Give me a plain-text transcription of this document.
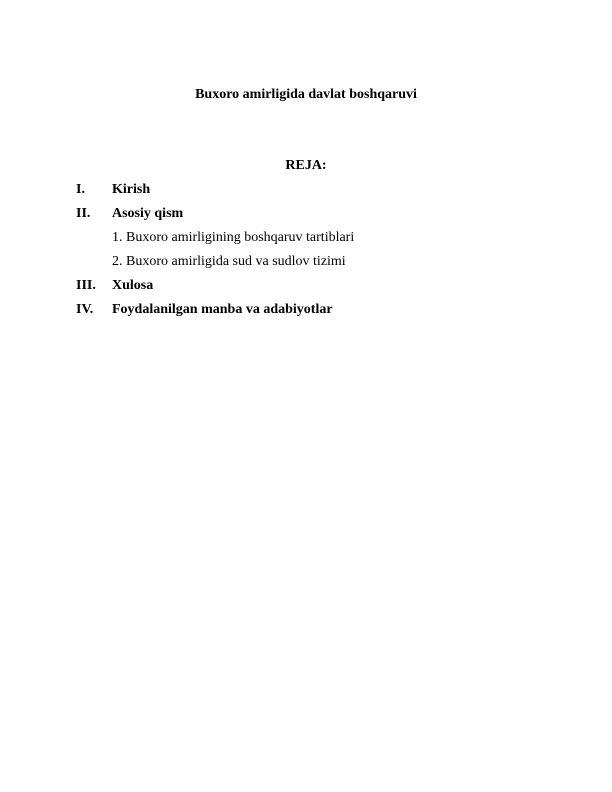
Buxoro amirligida davlat boshqaruvi
REJA:
I. Kirish
II. Asosiy qism
1. Buxoro amirligining boshqaruv tartiblari
2. Buxoro amirligida sud va sudlov tizimi
III. Xulosa
IV. Foydalanilgan manba va adabiyotlar
